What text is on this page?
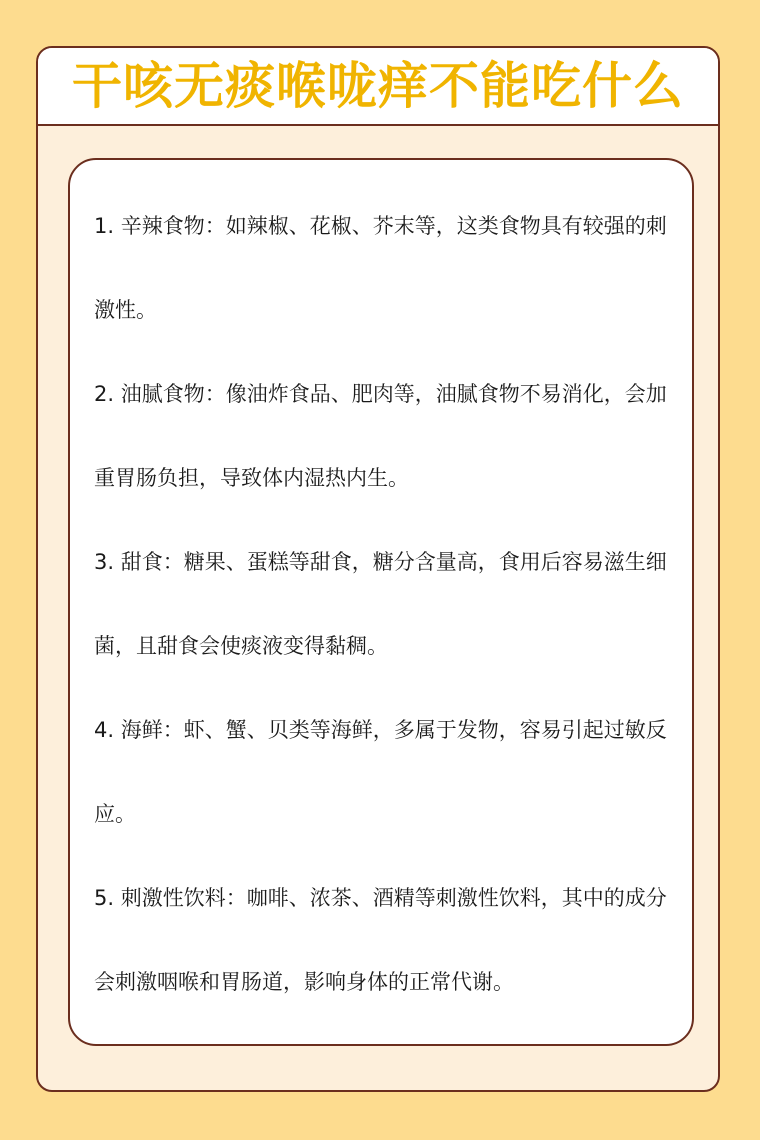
干咳无痰喉咙痒不能吃什么
1. 辛辣食物：如辣椒、花椒、芥末等，这类食物具有较强的刺激性。
2. 油腻食物：像油炸食品、肥肉等，油腻食物不易消化，会加重胃肠负担，导致体内湿热内生。
3. 甜食：糖果、蛋糕等甜食，糖分含量高，食用后容易滋生细菌，且甜食会使痰液变得黏稠。
4. 海鲜：虾、蟹、贝类等海鲜，多属于发物，容易引起过敏反应。
5. 刺激性饮料：咖啡、浓茶、酒精等刺激性饮料，其中的成分会刺激咽喉和胃肠道，影响身体的正常代谢。
